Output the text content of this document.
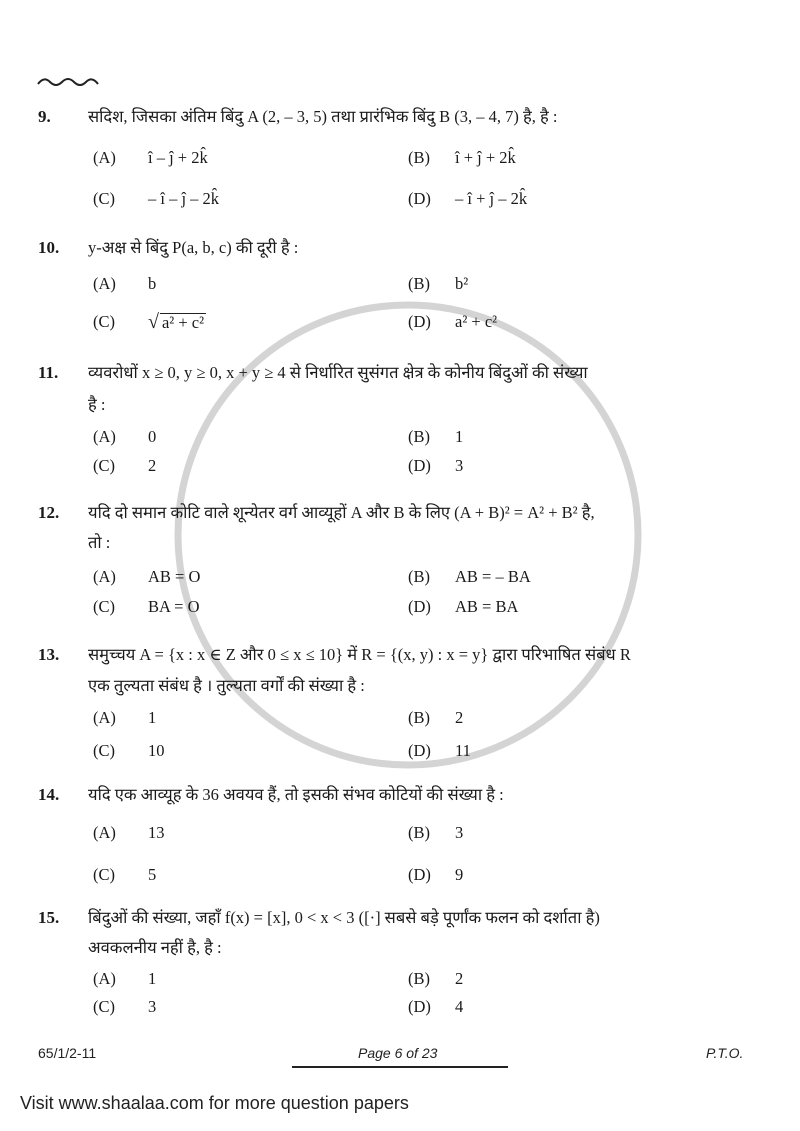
9. सदिश, जिसका अंतिम बिंदु A (2, – 3, 5) तथा प्रारंभिक बिंदु B (3, – 4, 7) है, है :
(A) î – ĵ + 2k̂	(B) î + ĵ + 2k̂
(C) – î – ĵ – 2k̂	(D) – î + ĵ – 2k̂
10. y-अक्ष से बिंदु P(a, b, c) की दूरी है :
(A) b	(B) b²
(C) √ a² + c²	(D) a² + c²
11. व्यवरोधों x ≥ 0, y ≥ 0, x + y ≥ 4 से निर्धारित सुसंगत क्षेत्र के कोनीय बिंदुओं की संख्या
है :
(A) 0	(B) 1
(C) 2	(D) 3
12. यदि दो समान कोटि वाले शून्येतर वर्ग आव्यूहों A और B के लिए (A + B)² = A² + B² है,
तो :
(A) AB = O	(B) AB = – BA
(C) BA = O	(D) AB = BA
13. समुच्चय A = {x : x ∈ Z और 0 ≤ x ≤ 10} में R = {(x, y) : x = y} द्वारा परिभाषित संबंध R
एक तुल्यता संबंध है । तुल्यता वर्गों की संख्या है :
(A) 1	(B) 2
(C) 10	(D) 11
14. यदि एक आव्यूह के 36 अवयव हैं, तो इसकी संभव कोटियों की संख्या है :
(A) 13	(B) 3
(C) 5	(D) 9
15. बिंदुओं की संख्या, जहाँ f(x) = [x], 0 < x < 3 ([·] सबसे बड़े पूर्णांक फलन को दर्शाता है)
अवकलनीय नहीं है, है :
(A) 1	(B) 2
(C) 3	(D) 4
65/1/2-11	Page 6 of 23	P.T.O.
Visit www.shaalaa.com for more question papers
